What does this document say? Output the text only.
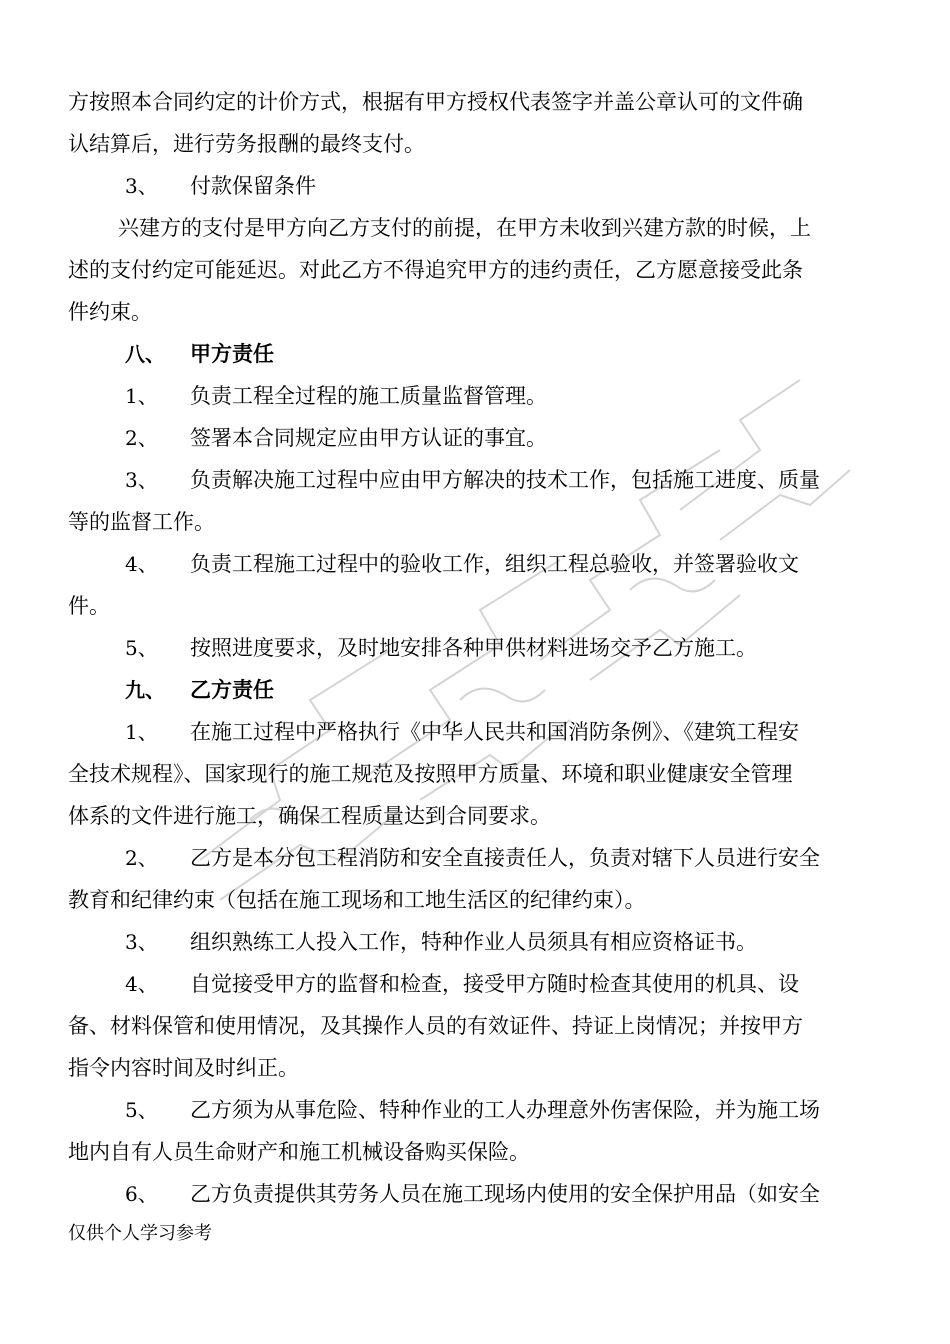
方按照本合同约定的计价方式，根据有甲方授权代表签字并盖公章认可的文件确
认结算后，进行劳务报酬的最终支付。
3、 付款保留条件
兴建方的支付是甲方向乙方支付的前提，在甲方未收到兴建方款的时候，上
述的支付约定可能延迟。对此乙方不得追究甲方的违约责任，乙方愿意接受此条
件约束。
八、 甲方责任
1、 负责工程全过程的施工质量监督管理。
2、 签署本合同规定应由甲方认证的事宜。
3、 负责解决施工过程中应由甲方解决的技术工作，包括施工进度、质量
等的监督工作。
4、 负责工程施工过程中的验收工作，组织工程总验收，并签署验收文
件。
5、 按照进度要求，及时地安排各种甲供材料进场交予乙方施工。
九、 乙方责任
1、 在施工过程中严格执行《中华人民共和国消防条例》、《建筑工程安
全技术规程》、国家现行的施工规范及按照甲方质量、环境和职业健康安全管理
体系的文件进行施工，确保工程质量达到合同要求。
2、 乙方是本分包工程消防和安全直接责任人，负责对辖下人员进行安全
教育和纪律约束（包括在施工现场和工地生活区的纪律约束）。
3、 组织熟练工人投入工作，特种作业人员须具有相应资格证书。
4、 自觉接受甲方的监督和检查，接受甲方随时检查其使用的机具、设
备、材料保管和使用情况，及其操作人员的有效证件、持证上岗情况；并按甲方
指令内容时间及时纠正。
5、 乙方须为从事危险、特种作业的工人办理意外伤害保险，并为施工场
地内自有人员生命财产和施工机械设备购买保险。
6、 乙方负责提供其劳务人员在施工现场内使用的安全保护用品（如安全
仅供个人学习参考
